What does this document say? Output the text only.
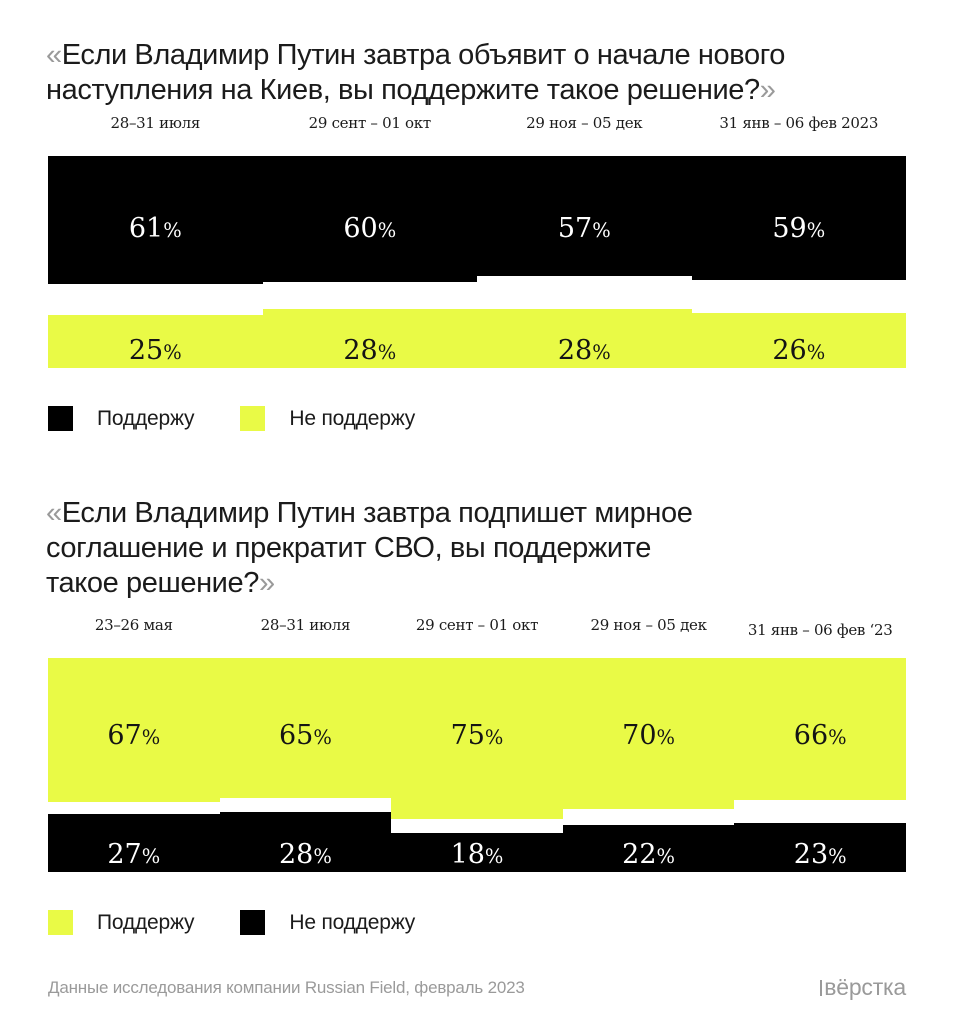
«Если Владимир Путин завтра объявит о начале нового
наступления на Киев, вы поддержите такое решение?»
28–31 июля	29 сент – 01 окт	29 ноя – 05 дек	31 янв – 06 фев 2023
61%	60%	57%	59%
25%	28%	28%	26%
Поддержу	Не поддержу
«Если Владимир Путин завтра подпишет мирное
соглашение и прекратит СВО, вы поддержите
такое решение?»
23–26 мая	28–31 июля	29 сент – 01 окт	29 ноя – 05 дек	31 янв – 06 фев ‘23
67%	65%	75%	70%	66%
27%	28%	18%	22%	23%
Поддержу	Не поддержу
Данные исследования компании Russian Field, февраль 2023	вёрстка
